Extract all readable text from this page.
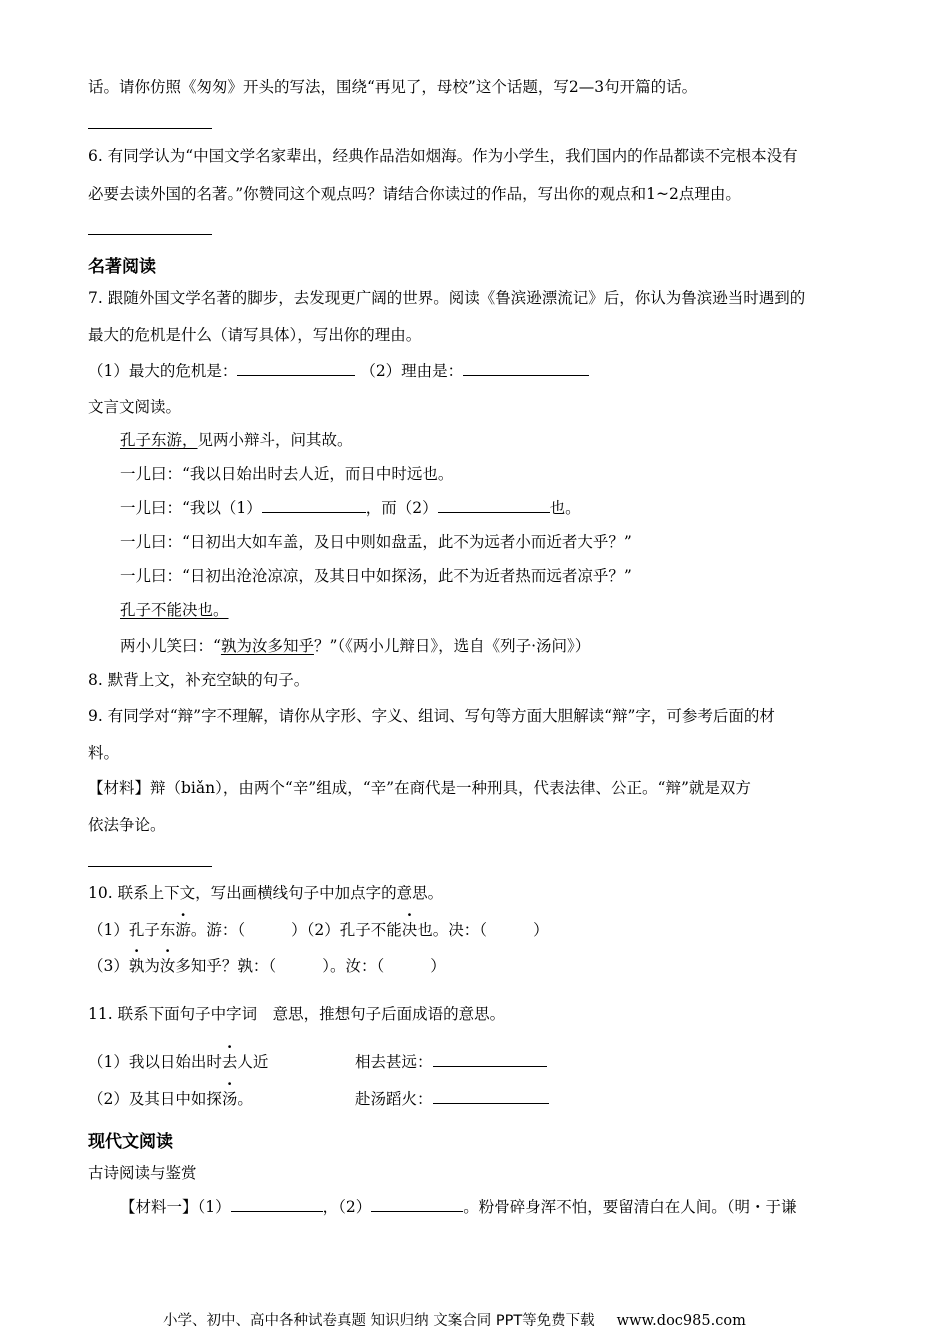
话。请你仿照《匆匆》开头的写法，围绕“再见了，母校”这个话题，写2—3句开篇的话。
6. 有同学认为“中国文学名家辈出，经典作品浩如烟海。作为小学生，我们国内的作品都读不完根本没有
必要去读外国的名著。”你赞同这个观点吗？请结合你读过的作品，写出你的观点和1~2点理由。
名著阅读
7. 跟随外国文学名著的脚步，去发现更广阔的世界。阅读《鲁滨逊漂流记》后，你认为鲁滨逊当时遇到的
最大的危机是什么（请写具体），写出你的理由。
（1）最大的危机是：	（2）理由是：
文言文阅读。
孔子东游，见两小辩斗，问其故。
一儿曰：“我以日始出时去人近，而日中时远也。
一儿曰：“我以（1）	，而（2）	也。
一儿曰：“日初出大如车盖，及日中则如盘盂，此不为远者小而近者大乎？”
一儿曰：“日初出沧沧凉凉，及其日中如探汤，此不为近者热而远者凉乎？”
孔子不能决也。
两小儿笑曰：“孰为汝多知乎？”（《两小儿辩日》，选自《列子·汤问》）
8. 默背上文，补充空缺的句子。
9. 有同学对“辩”字不理解，请你从字形、字义、组词、写句等方面大胆解读“辩”字，可参考后面的材
料。
【材料】辩（biǎn），由两个“辛”组成，“辛”在商代是一种刑具，代表法律、公正。“辩”就是双方
依法争论。
10. 联系上下文，写出画横线句子中加点字的意思。
（1）孔子东游。游：（	）（2）孔子不能决也。决：（	）
（3）孰为汝多知乎？孰：（	）。汝：（	）
11. 联系下面句子中字词　意思，推想句子后面成语的意思。
（1）我以日始出时去人近	相去甚远：
（2）及其日中如探汤。	赴汤蹈火：
现代文阅读
古诗阅读与鉴赏
【材料一】（1）	，（2）	。粉骨碎身浑不怕，要留清白在人间。（明・于谦
小学、初中、高中各种试卷真题 知识归纳 文案合同 PPT等免费下载 www.doc985.com
